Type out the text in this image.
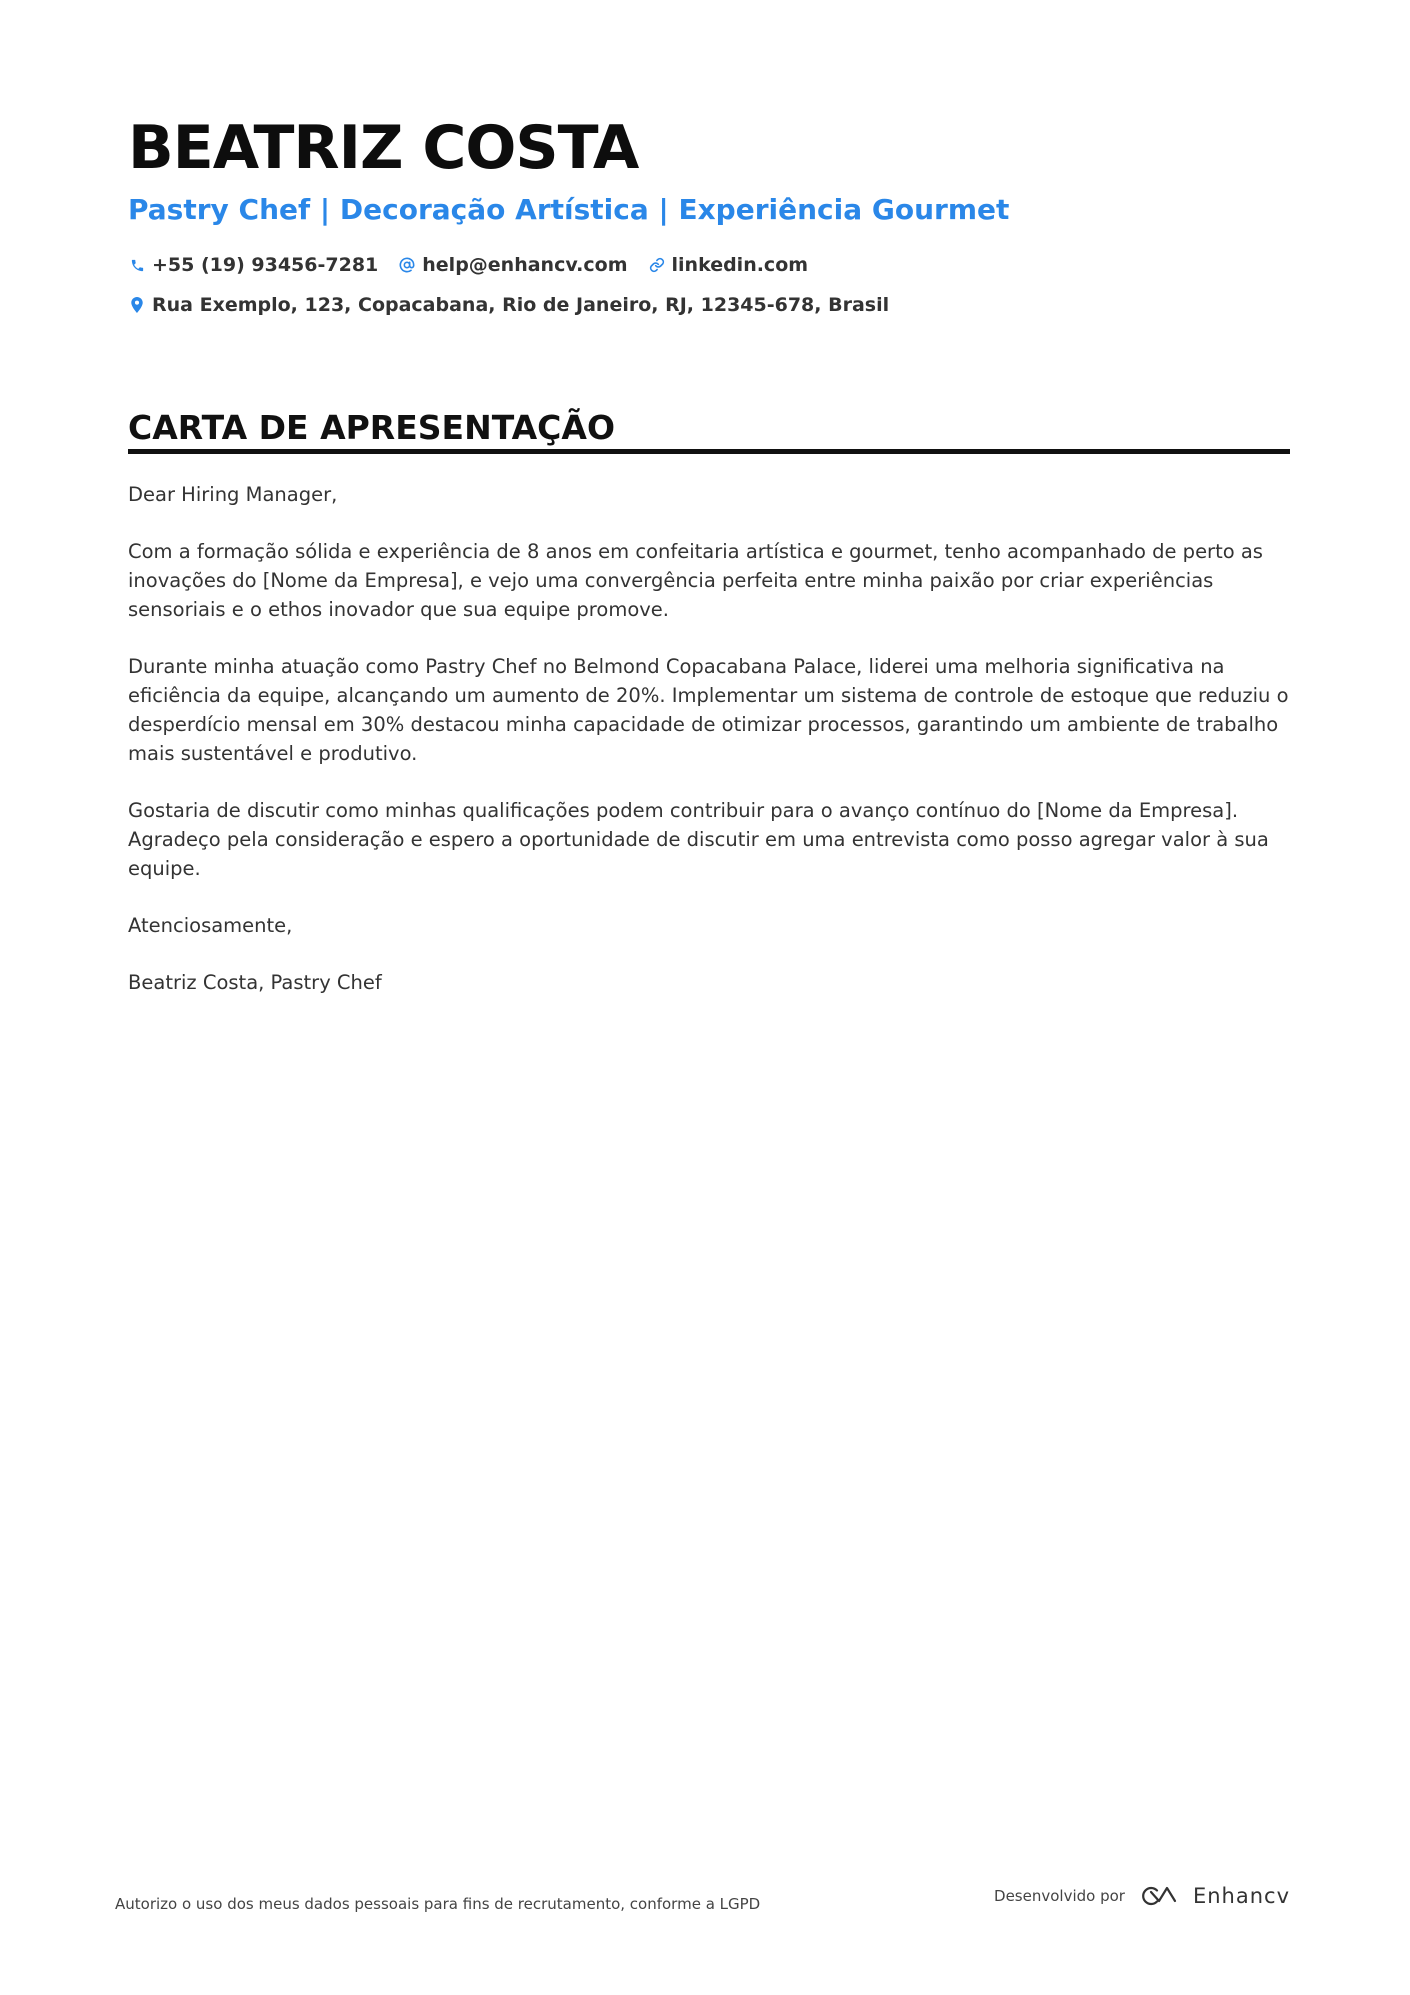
BEATRIZ COSTA
Pastry Chef | Decoração Artística | Experiência Gourmet
+55 (19) 93456-7281 help@enhancv.com linkedin.com
Rua Exemplo, 123, Copacabana, Rio de Janeiro, RJ, 12345-678, Brasil
CARTA DE APRESENTAÇÃO

Dear Hiring Manager,

Com a formação sólida e experiência de 8 anos em confeitaria artística e gourmet, tenho acompanhado de perto as inovações do [Nome da Empresa], e vejo uma convergência perfeita entre minha paixão por criar experiências sensoriais e o ethos inovador que sua equipe promove.

Durante minha atuação como Pastry Chef no Belmond Copacabana Palace, liderei uma melhoria significativa na eficiência da equipe, alcançando um aumento de 20%. Implementar um sistema de controle de estoque que reduziu o desperdício mensal em 30% destacou minha capacidade de otimizar processos, garantindo um ambiente de trabalho mais sustentável e produtivo.

Gostaria de discutir como minhas qualificações podem contribuir para o avanço contínuo do [Nome da Empresa]. Agradeço pela consideração e espero a oportunidade de discutir em uma entrevista como posso agregar valor à sua equipe.

Atenciosamente,

Beatriz Costa, Pastry Chef

Autorizo o uso dos meus dados pessoais para fins de recrutamento, conforme a LGPD	Desenvolvido por	Enhancv
